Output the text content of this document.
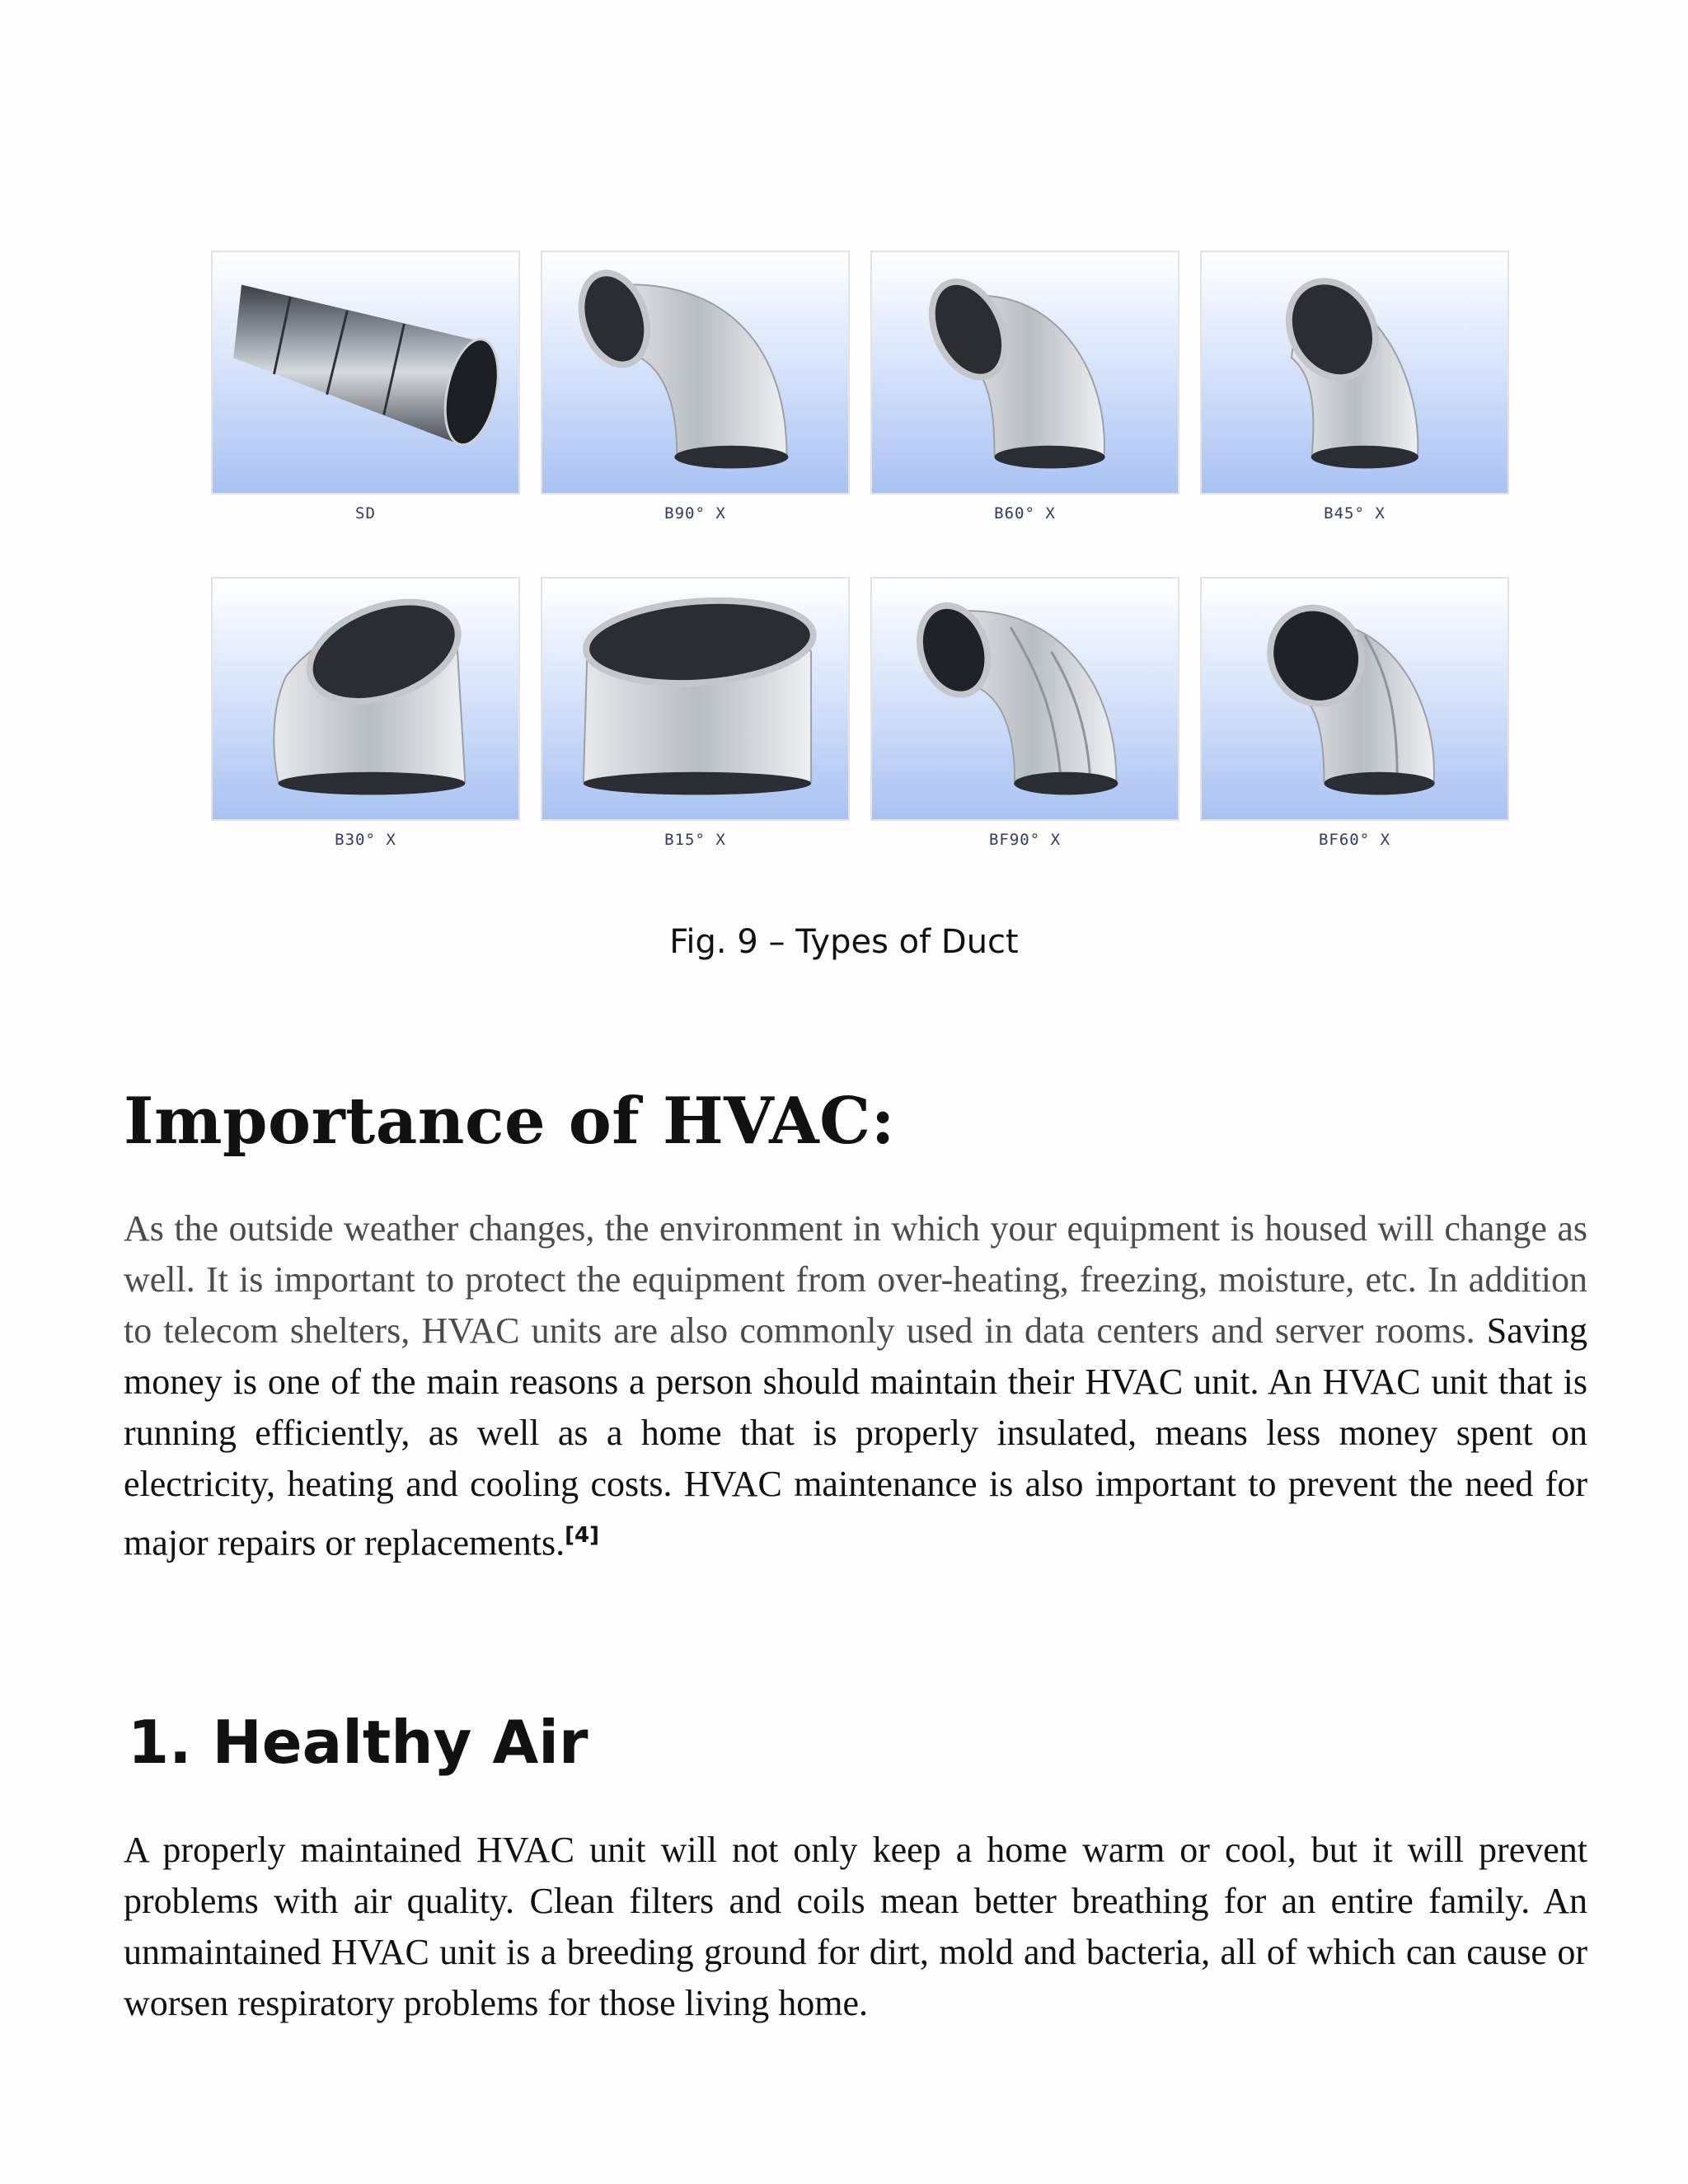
SD	B90° X	B60° X	B45° X
B30° X	B15° X	BF90° X	BF60° X
Fig. 9 – Types of Duct
Importance of HVAC:

As the outside weather changes, the environment in which your equipment is housed will change as well. It is important to protect the equipment from over-heating, freezing, moisture, etc. In addition to telecom shelters, HVAC units are also commonly used in data centers and server rooms. Saving money is one of the main reasons a person should maintain their HVAC unit. An HVAC unit that is running efficiently, as well as a home that is properly insulated, means less money spent on electricity, heating and cooling costs. HVAC maintenance is also important to prevent the need for major repairs or replacements.[4]

1. Healthy Air

A properly maintained HVAC unit will not only keep a home warm or cool, but it will prevent problems with air quality. Clean filters and coils mean better breathing for an entire family. An unmaintained HVAC unit is a breeding ground for dirt, mold and bacteria, all of which can cause or worsen respiratory problems for those living home.
